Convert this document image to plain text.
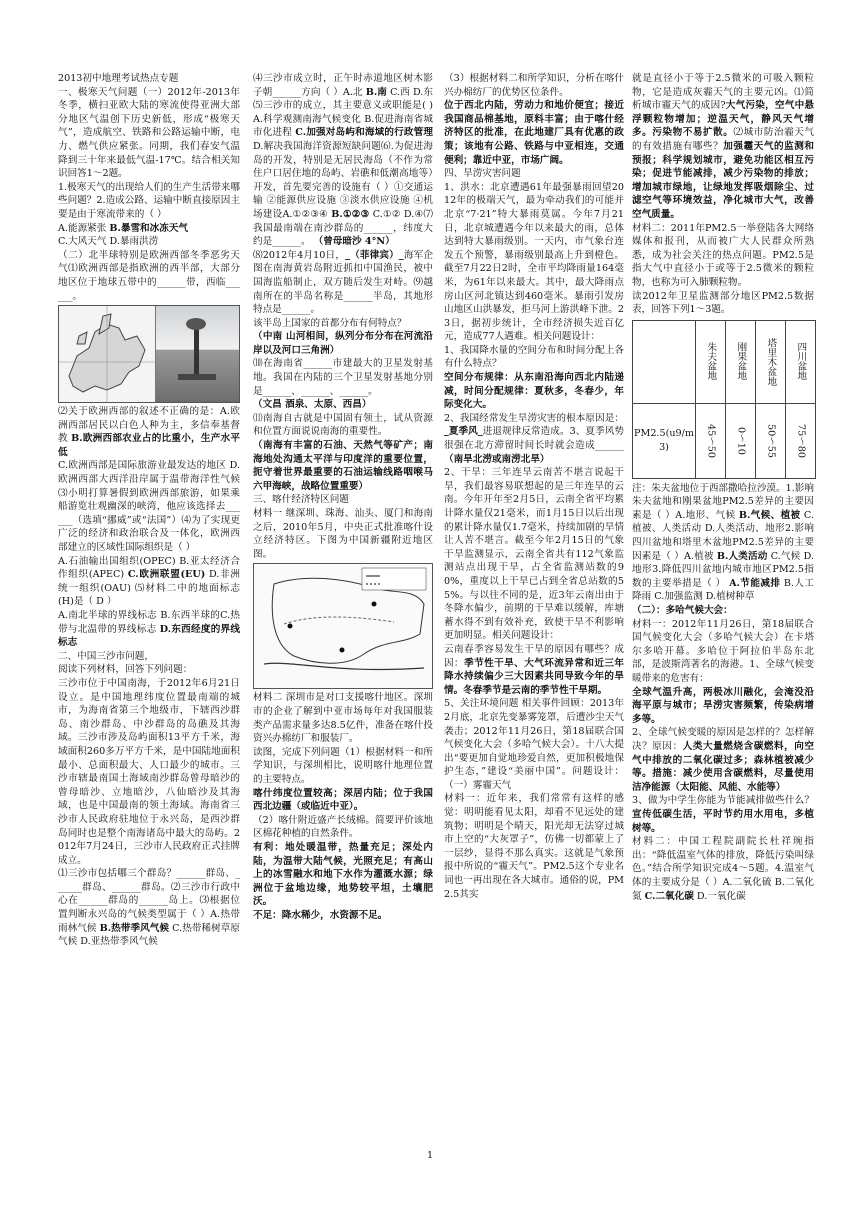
2013初中地理考试热点专题

一、极寒天气问题（一）2012年-2013年冬季，横扫亚欧大陆的寒流使得亚洲大部分地区气温创下历史新低，形成“极寒天气”，造成航空、铁路和公路运输中断，电力、燃气供应紧张。同期，我们春安气温降到三十年来最低气温-17℃。结合相关知识回答1～2题。

1.极寒天气的出现给人们的生产生活带来哪些问题？2.造成公路、运输中断直接原因主要是由于寒流带来的（ ）

A.能源紧张 B.暴雪和冰冻天气

C.大风天气 D.暴雨洪涝

（二）北半球特别是欧洲西部冬季恶劣天气⑴欧洲西部是指欧洲的西半部，大部分地区位于地球五带中的______带，西临______。

⑵关于欧洲西部的叙述不正确的是：A.欧洲西部居民以白色人种为主，多信奉基督教 B.欧洲西部农业占的比重小，生产水平低

C.欧洲西部是国际旅游业最发达的地区 D.欧洲西部大西洋沿岸属于温带海洋性气候⑶小明打算暑假到欧洲西部旅游，如果乘船游览壮观幽深的峡湾，他应该选择去______（选填“挪威”或“法国”）⑷为了实现更广泛的经济和政治联合及一体化，欧洲西部建立的区域性国际组织是（ ）

A.石油输出国组织(OPEC) B.亚太经济合作组织(APEC) C.欧洲联盟(EU) D.非洲统一组织(OAU) ⑸材料二中的地面标志(H)是（ D ）

A.南北半球的界线标志 B.东西半球的C.热带与北温带的界线标志 D.东西经度的界线标志

二、中国三沙市问题，

阅读下列材料，回答下列问题：

三沙市位于中国南海，于2012年6月21日设立。是中国地理纬度位置最南端的城市，为海南省第三个地级市，下辖西沙群岛、南沙群岛、中沙群岛的岛礁及其海域。三沙市涉及岛屿面积13平方千米，海域面积260多万平方千米，是中国陆地面积最小、总面积最大、人口最少的城市。三沙市辖最南国土海域南沙群岛曾母暗沙的曾母暗沙、立地暗沙，八仙暗沙及其海域，也是中国最南的领土海域。海南省三沙市人民政府驻地位于永兴岛，是西沙群岛同时也是整个南海诸岛中最大的岛屿。2012年7月24日，三沙市人民政府正式挂牌成立。

⑴三沙市包括哪三个群岛？______群岛、______群岛、______群岛。⑵三沙市行政中心在______群岛的______岛上。⑶根据位置判断永兴岛的气候类型属于（ ）A.热带雨林气候 B.热带季风气候 C.热带稀树草原气候 D.亚热带季风气候

⑷三沙市成立时，正午时赤道地区树木影子朝______方向（ ）A.北 B.南 C.西 D.东⑸三沙市的成立，其主要意义或职能是( )A.科学观测南海气候变化 B.促进海南省城市化进程 C.加强对岛屿和海域的行政管理 D.解决我国海洋资源短缺问题⑹.为促进海岛的开发，特别是无居民海岛（不作为常住户口居住地的岛屿、岩礁和低潮高地等）开发，首先要完善的设施有（ ）①交通运输 ②能源供应设施 ③淡水供应设施 ④机场建设A.①②③④ B.①②③ C.①② D.④⑺我国最南端在南沙群岛的______，纬度大约是______。 （曾母暗沙 4°N）

⑻2012年4月10日，_（菲律宾）_海军企图在南海黄岩岛附近抓扣中国渔民，被中国海监船制止，双方随后发生对峙。⑼越南所在的半岛名称是______半岛，其地形特点是______。

该半岛上国家的首都分布有何特点？

（中南 山河相间，纵列分布分布在河流沿岸以及河口三角洲）

⑽在海南省______市建最大的卫星发射基地。我国在内陆的三个卫星发射基地分别是______、______、______。

（文昌 酒泉、太原、西昌）

⑾南海自古就是中国固有领土，试从资源和位置方面说说南海的重要性。

（南海有丰富的石油、天然气等矿产；南海地处沟通太平洋与印度洋的重要位置，扼守着世界最重要的石油运输线路咽喉马六甲海峡，战略位置重要）

三、喀什经济特区问题

材料一 继深圳、珠海、汕头、厦门和海南之后，2010年5月，中央正式批准喀什设立经济特区。下图为中国新疆附近地区图。

材料二 深圳市是对口支援喀什地区。深圳市的企业了解到中亚市场每年对我国服装类产品需求量多达8.5亿件，准备在喀什投资兴办棉纺厂和服装厂。

读图，完成下列问题（1）根据材料一和所学知识，与深圳相比，说明喀什地理位置的主要特点。

喀什纬度位置较高；深居内陆；位于我国西北边疆（或临近中亚）。

（2）喀什附近盛产长绒棉。简要评价该地区棉花种植的自然条件。

有利：地处暖温带，热量充足；深处内陆，为温带大陆气候，光照充足；有高山上的冰雪融水和地下水作为灌溉水源；绿洲位于盆地边缘，地势较平坦，土壤肥沃。

不足：降水稀少，水资源不足。

（3）根据材料二和所学知识，分析在喀什兴办棉纺厂的优势区位条件。

位于西北内陆，劳动力和地价便宜；接近我国商品棉基地，原料丰富；由于喀什经济特区的批准，在此地建厂具有优惠的政策；该地有公路、铁路与中亚相连，交通便利；靠近中亚，市场广阔。

四、旱涝灾害问题

1、洪水：北京遭遇61年最强暴雨回望2012年的极端天气，最为牵动我们的可能并北京“7·21”特大暴雨莫属。今年7月21日，北京城遭遇今年以来最大的雨，总体达到特大暴雨级别。一天内，市气象台连发五个预警，暴雨级别最高上升到橙色。截至7月22日2时，全市平均降雨量164毫米，为61年以来最大。其中，最大降雨点房山区河北镇达到460毫米。暴雨引发房山地区山洪暴发，拒马河上游洪峰下泄。23日，据初步统计，全市经济损失近百亿元，造成77人遇难。相关问题设计：

1、我国降水量的空间分布和时间分配上各有什么特点？

空间分布规律：从东南沿海向西北内陆递减，时间分配规律：夏秋多，冬春少，年际变化大。

2、我国经常发生旱涝灾害的根本原因是：_夏季风_进退规律反常造成。3、夏季风势很强在北方滞留时间长时就会造成______（南旱北涝或南涝北旱）

2、干旱：三年连旱云南苦不堪言说起干旱，我们最容易联想起的是三年连旱的云南。今年开年至2月5日，云南全省平均累计降水量仅21毫米，而1月15日以后出现的累计降水量仅1.7毫米，持续加剧的旱情让人苦不堪言。截至今年2月15日的气象干旱监测显示，云南全省共有112气象监测站点出现干旱，占全省监测站数的90%，重度以上干旱已占到全省总站数的55%。与以往不同的是，近3年云南出由于冬降水偏少，前期的干旱难以缓解，库塘蓄水得不到有效补充，致使干旱不利影响更加明显。相关问题设计：

云南春季容易发生干旱的原因有哪些？成因：季节性干旱、大气环流异常和近三年降水持续偏少三大因素共同导致今年的旱情。冬春季节是云南的季节性干旱期。

5、关注环境问题 相关事件回顾：2013年2月底，北京先变暴雾笼罩，后遭沙尘天气袭击；2012年11月26日，第18届联合国气候变化大会（多哈气候大会）。十八大提出“要更加自觉地珍爱自然，更加积极地保护生态，”建设“美丽中国”。问题设计：（一）雾霾天气

材料一：近年来，我们常常有这样的感觉：明明能看见太阳，却看不见远处的建筑物；明明是个晴天，阳光却无法穿过城市上空的“大灰罩子”，仿佛一切都蒙上了一层纱，显得不那么真实。这就是气象预报中所说的“霾天气”。PM2.5这个专业名词也一再出现在各大城市。通俗的说，PM2.5其实

就是直径小于等于2.5微米的可吸入颗粒物，它是造成灰霾天气的主要元凶。⑴简析城市霾天气的成因?大气污染，空气中悬浮颗粒物增加；逆温天气，静风天气增多。污染物不易扩散。⑵城市防治霾天气的有效措施有哪些？加强霾天气的监测和预报；科学规划城市，避免功能区相互污染；促进节能减排，减少污染物的排放；增加城市绿地，让绿地发挥吸烟除尘、过滤空气等环境效益，净化城市大气，改善空气质量。

材料二：2011年PM2.5一举登陆各大网络媒体和报刊，从而被广大人民群众所熟悉，成为社会关注的热点问题。PM2.5是指大气中直径小于或等于2.5微米的颗粒物，也称为可入肺颗粒物。

读2012年卫星监测部分地区PM2.5数据表，回答下列1～3题。

	朱夫盆地	刚果盆地	塔里木盆地	四川盆地
PM2.5(u9/m3)	45～50	0～10	50～55	75～80

注：朱夫盆地位于西部撒哈拉沙漠。1.影响朱夫盆地和刚果盆地PM2.5差异的主要因素是（ ）A.地形、气候 B.气候、植被 C.植被、人类活动 D.人类活动、地形2.影响四川盆地和塔里木盆地PM2.5差异的主要因素是（ ）A.植被 B.人类活动 C.气候 D.地形3.降低四川盆地内城市地区PM2.5指数的主要举措是（ ） A.节能减排 B.人工降雨 C.加强监测 D.植树种草

（二）：多哈气候大会：

材料一：2012年11月26日，第18届联合国气候变化大会（多哈气候大会）在卡塔尔多哈开幕。多哈位于阿拉伯半岛东北部，是波斯湾著名的海港。1、全球气候变暖带来的危害有：

全球气温升高，两极冰川融化，会淹没沿海平原与城市；旱涝灾害频繁，传染病增多等。

2、全球气候变暖的原因是怎样的？怎样解决？原因：人类大量燃烧含碳燃料，向空气中排放的二氧化碳过多；森林植被减少等。措施：减少使用含碳燃料，尽量使用洁净能源（太阳能、风能、水能等）

3、做为中学生你能为节能减排做些什么？宣传低碳生活，平时节约用水用电，多植树等。

材料二：中国工程院副院长杜祥琬指出：“降低温室气体的排放，降低污染叫绿色。”结合所学知识完成4～5题。4.温室气体的主要成分是（ ）A.二氧化硫 B.二氧化氮 C.二氧化碳 D.一氧化碳

1
